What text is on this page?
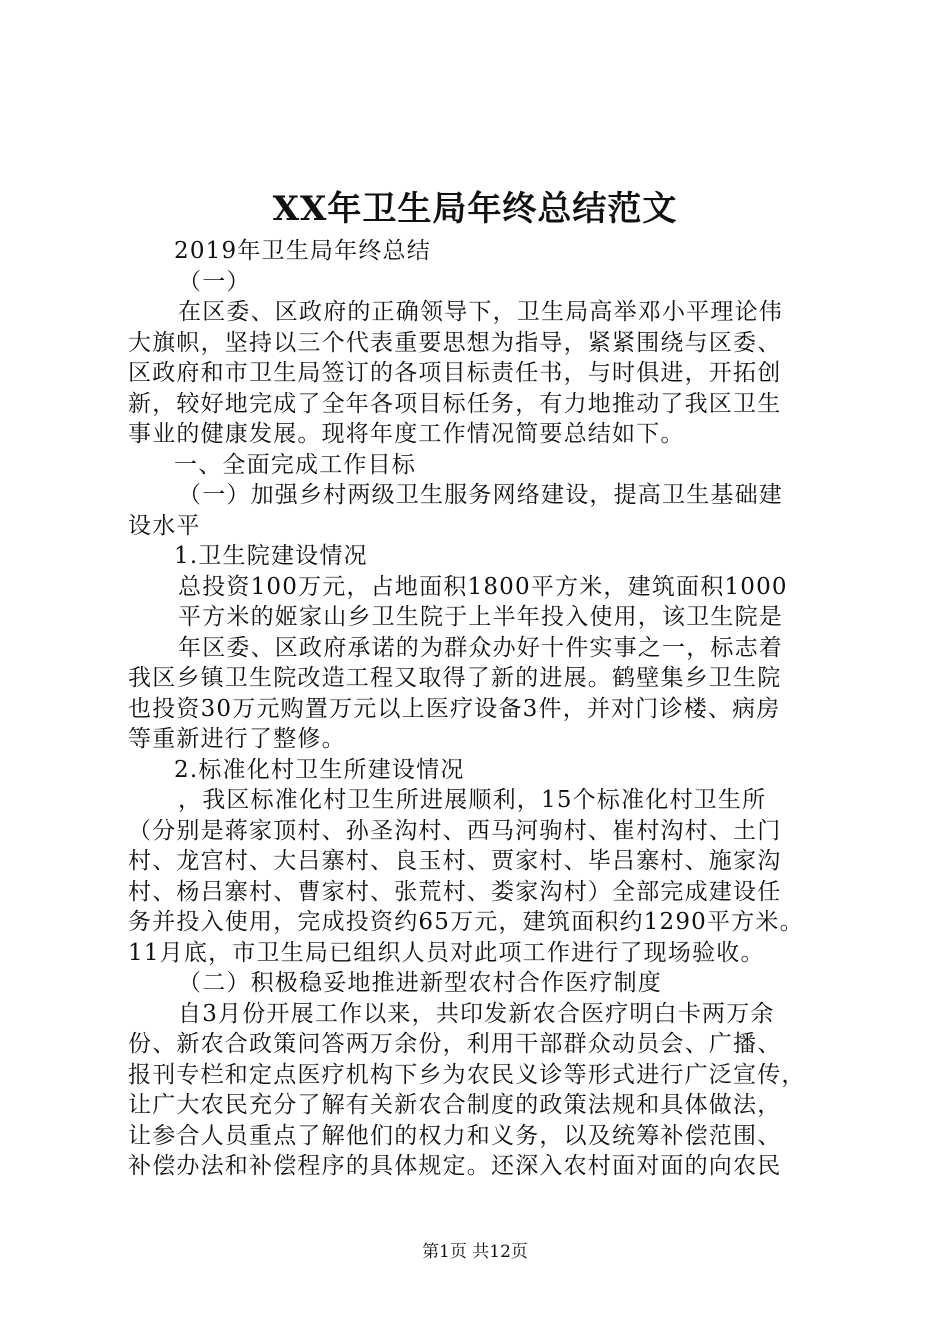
XX年卫生局年终总结范文

2019年卫生局年终总结

（一）

在区委、区政府的正确领导下，卫生局高举邓小平理论伟

大旗帜，坚持以三个代表重要思想为指导，紧紧围绕与区委、

区政府和市卫生局签订的各项目标责任书，与时俱进，开拓创

新，较好地完成了全年各项目标任务，有力地推动了我区卫生

事业的健康发展。现将年度工作情况简要总结如下。

一、全面完成工作目标

（一）加强乡村两级卫生服务网络建设，提高卫生基础建

设水平

1.卫生院建设情况

总投资100万元，占地面积1800平方米，建筑面积1000

平方米的姬家山乡卫生院于上半年投入使用，该卫生院是

年区委、区政府承诺的为群众办好十件实事之一，标志着

我区乡镇卫生院改造工程又取得了新的进展。鹤壁集乡卫生院

也投资30万元购置万元以上医疗设备3件，并对门诊楼、病房

等重新进行了整修。

2.标准化村卫生所建设情况

，我区标准化村卫生所进展顺利，15个标准化村卫生所

（分别是蒋家顶村、孙圣沟村、西马河驹村、崔村沟村、土门

村、龙宫村、大吕寨村、良玉村、贾家村、毕吕寨村、施家沟

村、杨吕寨村、曹家村、张荒村、娄家沟村）全部完成建设任

务并投入使用，完成投资约65万元，建筑面积约1290平方米。

11月底，市卫生局已组织人员对此项工作进行了现场验收。

（二）积极稳妥地推进新型农村合作医疗制度

自3月份开展工作以来，共印发新农合医疗明白卡两万余

份、新农合政策问答两万余份，利用干部群众动员会、广播、

报刊专栏和定点医疗机构下乡为农民义诊等形式进行广泛宣传，

让广大农民充分了解有关新农合制度的政策法规和具体做法，

让参合人员重点了解他们的权力和义务，以及统筹补偿范围、

补偿办法和补偿程序的具体规定。还深入农村面对面的向农民

第1页 共12页
